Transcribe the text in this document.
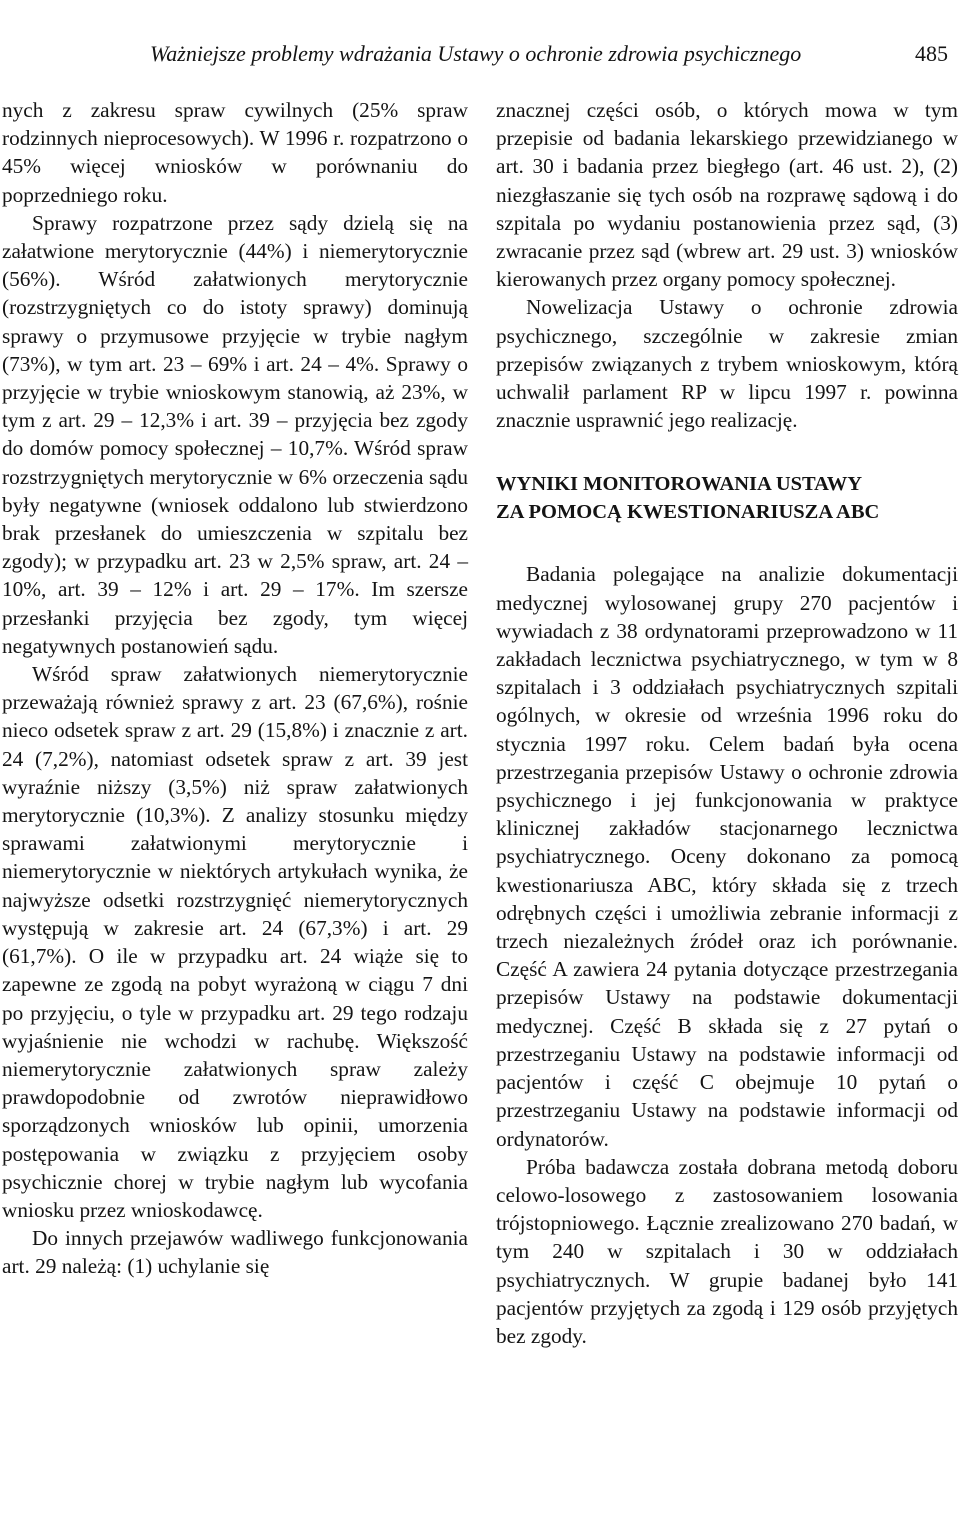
Ważniejsze problemy wdrażania Ustawy o ochronie zdrowia psychicznego	485

nych z zakresu spraw cywilnych (25% spraw rodzinnych nieprocesowych). W 1996 r. rozpatrzono o 45% więcej wniosków w porównaniu do poprzedniego roku.

Sprawy rozpatrzone przez sądy dzielą się na załatwione merytorycznie (44%) i niemerytorycznie (56%). Wśród załatwionych merytorycznie (rozstrzygniętych co do istoty sprawy) dominują sprawy o przymusowe przyjęcie w trybie nagłym (73%), w tym art. 23 – 69% i art. 24 – 4%. Sprawy o przyjęcie w trybie wnioskowym stanowią, aż 23%, w tym z art. 29 – 12,3% i art. 39 – przyjęcia bez zgody do domów pomocy społecznej – 10,7%. Wśród spraw rozstrzygniętych merytorycznie w 6% orzeczenia sądu były negatywne (wniosek oddalono lub stwierdzono brak przesłanek do umieszczenia w szpitalu bez zgody); w przypadku art. 23 w 2,5% spraw, art. 24 – 10%, art. 39 – 12% i art. 29 – 17%. Im szersze przesłanki przyjęcia bez zgody, tym więcej negatywnych postanowień sądu.

Wśród spraw załatwionych niemerytorycznie przeważają również sprawy z art. 23 (67,6%), rośnie nieco odsetek spraw z art. 29 (15,8%) i znacznie z art. 24 (7,2%), natomiast odsetek spraw z art. 39 jest wyraźnie niższy (3,5%) niż spraw załatwionych merytorycznie (10,3%). Z analizy stosunku między sprawami załatwionymi merytorycznie i niemerytorycznie w niektórych artykułach wynika, że najwyższe odsetki rozstrzygnięć niemerytorycznych występują w zakresie art. 24 (67,3%) i art. 29 (61,7%). O ile w przypadku art. 24 wiąże się to zapewne ze zgodą na pobyt wyrażoną w ciągu 7 dni po przyjęciu, o tyle w przypadku art. 29 tego rodzaju wyjaśnienie nie wchodzi w rachubę. Większość niemerytorycznie załatwionych spraw zależy prawdopodobnie od zwrotów nieprawidłowo sporządzonych wniosków lub opinii, umorzenia postępowania w związku z przyjęciem osoby psychicznie chorej w trybie nagłym lub wycofania wniosku przez wnioskodawcę.

Do innych przejawów wadliwego funkcjonowania art. 29 należą: (1) uchylanie się

znacznej części osób, o których mowa w tym przepisie od badania lekarskiego przewidzianego w art. 30 i badania przez biegłego (art. 46 ust. 2), (2) niezgłaszanie się tych osób na rozprawę sądową i do szpitala po wydaniu postanowienia przez sąd, (3) zwracanie przez sąd (wbrew art. 29 ust. 3) wniosków kierowanych przez organy pomocy społecznej.

Nowelizacja Ustawy o ochronie zdrowia psychicznego, szczególnie w zakresie zmian przepisów związanych z trybem wnioskowym, którą uchwalił parlament RP w lipcu 1997 r. powinna znacznie usprawnić jego realizację.

WYNIKI MONITOROWANIA USTAWY
ZA POMOCĄ KWESTIONARIUSZA ABC

Badania polegające na analizie dokumentacji medycznej wylosowanej grupy 270 pacjentów i wywiadach z 38 ordynatorami przeprowadzono w 11 zakładach lecznictwa psychiatrycznego, w tym w 8 szpitalach i 3 oddziałach psychiatrycznych szpitali ogólnych, w okresie od września 1996 roku do stycznia 1997 roku. Celem badań była ocena przestrzegania przepisów Ustawy o ochronie zdrowia psychicznego i jej funkcjonowania w praktyce klinicznej zakładów stacjonarnego lecznictwa psychiatrycznego. Oceny dokonano za pomocą kwestionariusza ABC, który składa się z trzech odrębnych części i umożliwia zebranie informacji z trzech niezależnych źródeł oraz ich porównanie. Część A zawiera 24 pytania dotyczące przestrzegania przepisów Ustawy na podstawie dokumentacji medycznej. Część B składa się z 27 pytań o przestrzeganiu Ustawy na podstawie informacji od pacjentów i część C obejmuje 10 pytań o przestrzeganiu Ustawy na podstawie informacji od ordynatorów.

Próba badawcza została dobrana metodą doboru celowo-losowego z zastosowaniem losowania trójstopniowego. Łącznie zrealizowano 270 badań, w tym 240 w szpitalach i 30 w oddziałach psychiatrycznych. W grupie badanej było 141 pacjentów przyjętych za zgodą i 129 osób przyjętych bez zgody.
